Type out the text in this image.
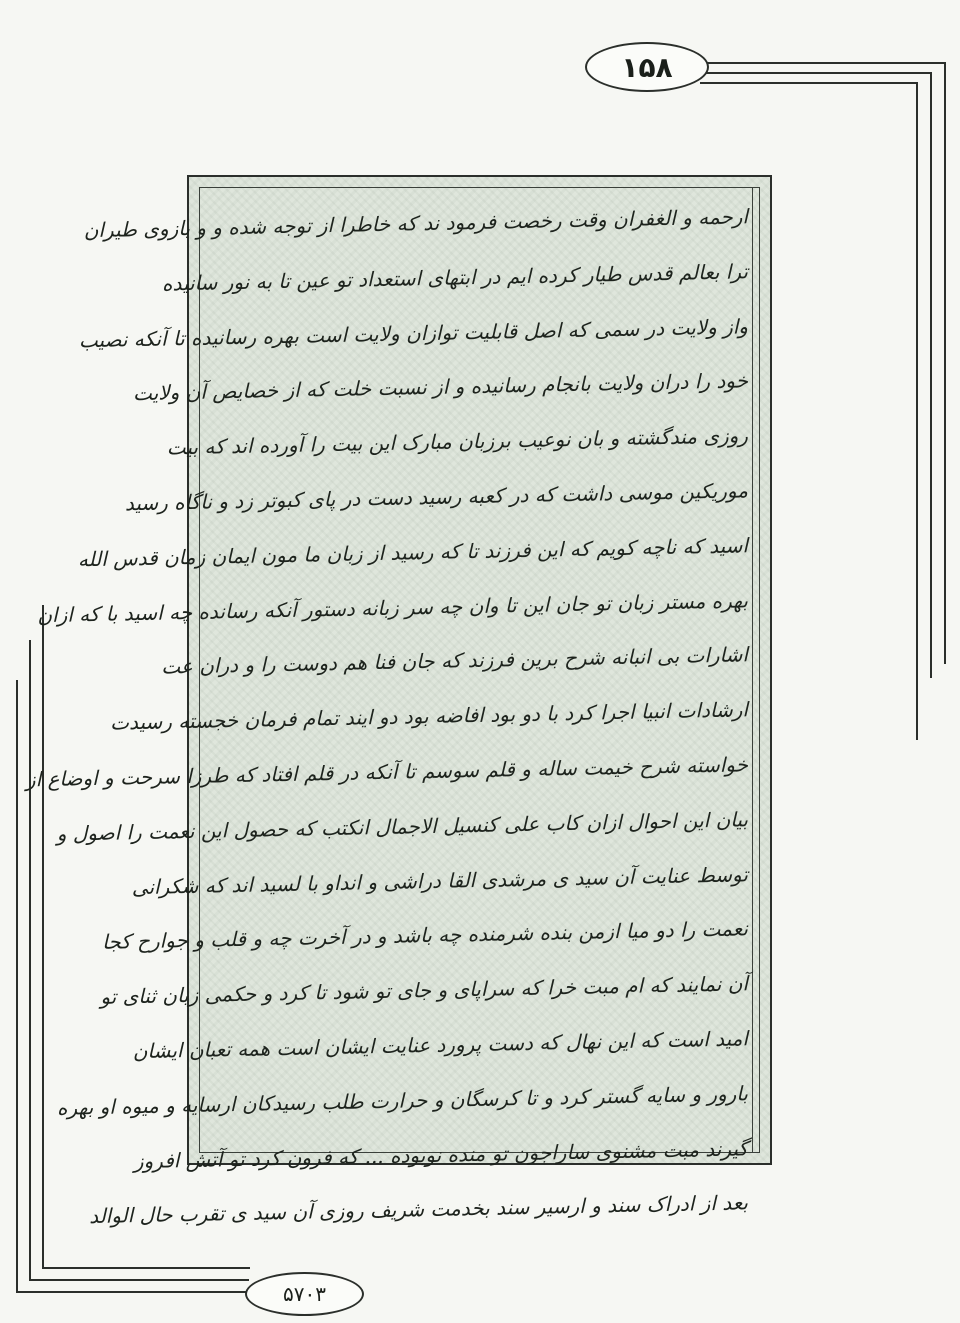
۱۵۸
۵۷۰۳
ارحمه و الغفران وقت رخصت فرمود ند که خاطرا از توجه شده و و بازوی طیران
ترا بعالم قدس طیار کرده ایم در ابتهای استعداد تو عین تا به نور سانیده
واز ولایت در سمی که اصل قابلیت توازان ولایت است بهره رسانیده تا آنکه نصیب
خود را دران ولایت بانجام رسانیده و از نسبت خلت که از خصایص آن ولایت
روزی مندگشته و بان نوعیب برزبان مبارک این بیت را آورده اند که بیت
موریکین موسی داشت که در کعبه رسید دست در پای کبوتر زد و ناگاه رسید
اسید که ناچه کویم که این فرزند تا که رسید از زبان ما مون ایمان زمان قدس الله
بهره مستر زبان تو جان این تا وان چه سر زبانه دستور آنکه رسانده چه اسید با که ازان
اشارات بی انبانه شرح برین فرزند که جان فنا هم دوست را و دران عت
ارشادات انبیا اجرا کرد با دو بود افاضه بود دو ایند تمام فرمان خجسته رسیدت
خواسته شرح خیمت ساله و قلم سوسم تا آنکه در قلم افتاد که طرزا سرحت و اوضاع از
بیان این احوال ازان کاب علی کنسیل الاجمال انکتب که حصول این نعمت را اصول و
توسط عنایت آن سید ی مرشدی القا دراشی و انداو با لسید اند که شکرانی
نعمت را دو میا ازمن بنده شرمنده چه باشد و در آخرت چه و قلب و جوارح کجا
آن نمایند که ام مبت خرا که سراپای و جای تو شود تا کرد و حکمی زبان ثنای تو
امید است که این نهال که دست پرورد عنایت ایشان است همه تعبان ایشان
بارور و سایه گستر کرد و تا کرسگان و حرارت طلب رسیدکان ارسایه و میوه او بهره
گیرند مبت مشنوی ساراجون تو منده نوبوده ... که فرون کرد تو آتش افروز
بعد از ادراک سند و ارسیر سند بخدمت شریف روزی آن سید ی تقرب حال الوالد
